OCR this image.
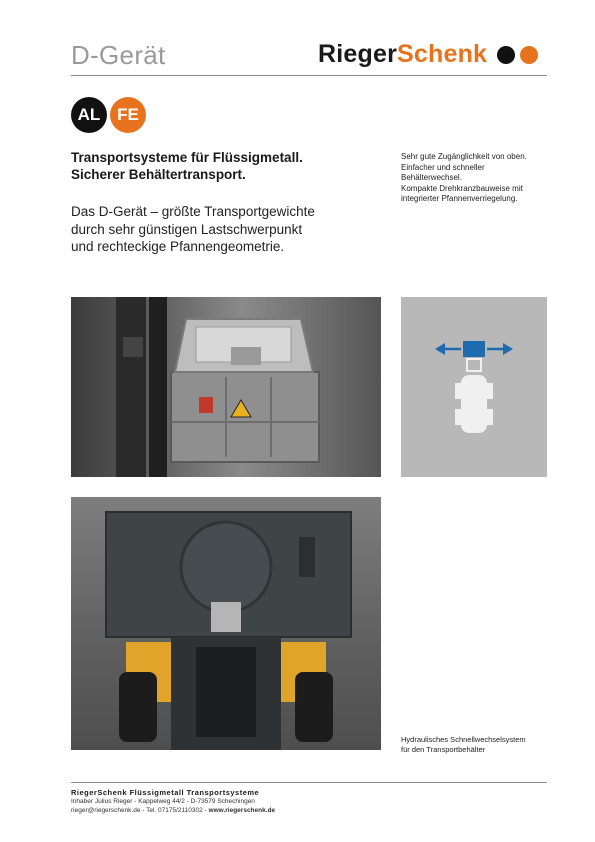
D-Gerät	RiegerSchenk
AL FE
Transportsysteme für Flüssigmetall.
Sicherer Behältertransport.
Das D-Gerät – größte Transportgewichte
durch sehr günstigen Lastschwerpunkt
und rechteckige Pfannengeometrie.
Sehr gute Zugänglichkeit von oben.
Einfacher und schneller
Behälterwechsel.
Kompakte Drehkranzbauweise mit
integrierter Pfannenverriegelung.
Hydraulisches Schnellwechselsystem
für den Transportbehälter
RiegerSchenk Flüssigmetall Transportsysteme
Inhaber Julius Rieger - Kappelweg 44/2 - D-73579 Schechingen
rieger@riegerschenk.de - Tel. 07175/2110302 - www.riegerschenk.de
